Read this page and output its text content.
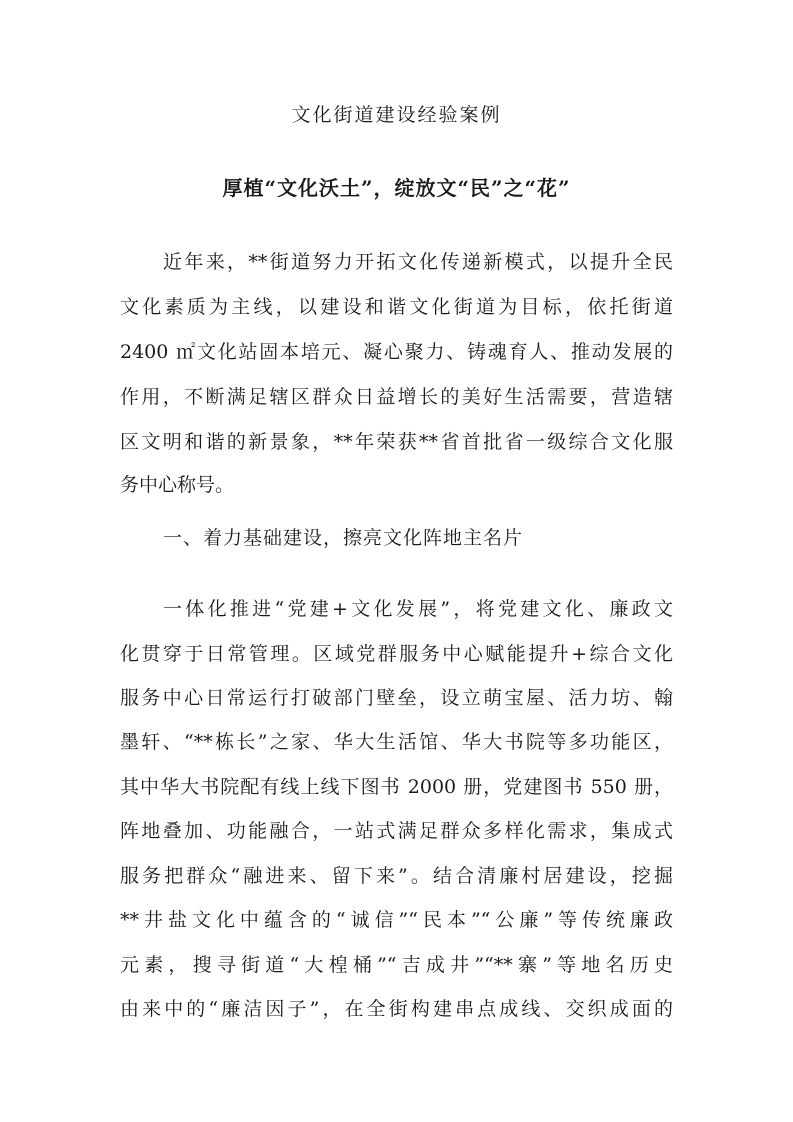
文化街道建设经验案例
厚植“文化沃土”，绽放文“民”之“花”
近年来，**街道努力开拓文化传递新模式，以提升全民
文化素质为主线，以建设和谐文化街道为目标，依托街道
2400 ㎡文化站固本培元、凝心聚力、铸魂育人、推动发展的
作用，不断满足辖区群众日益增长的美好生活需要，营造辖
区文明和谐的新景象，**年荣获**省首批省一级综合文化服
务中心称号。
一、着力基础建设，擦亮文化阵地主名片
一体化推进“党建+文化发展”，将党建文化、廉政文
化贯穿于日常管理。区域党群服务中心赋能提升+综合文化
服务中心日常运行打破部门壁垒，设立萌宝屋、活力坊、翰
墨轩、“**栋长”之家、华大生活馆、华大书院等多功能区，
其中华大书院配有线上线下图书 2000 册，党建图书 550 册，
阵地叠加、功能融合，一站式满足群众多样化需求，集成式
服务把群众“融进来、留下来”。结合清廉村居建设，挖掘
**井盐文化中蕴含的“诚信”“民本”“公廉”等传统廉政
元素，搜寻街道“大楻桶”“吉成井”“**寨”等地名历史
由来中的“廉洁因子”，在全街构建串点成线、交织成面的
